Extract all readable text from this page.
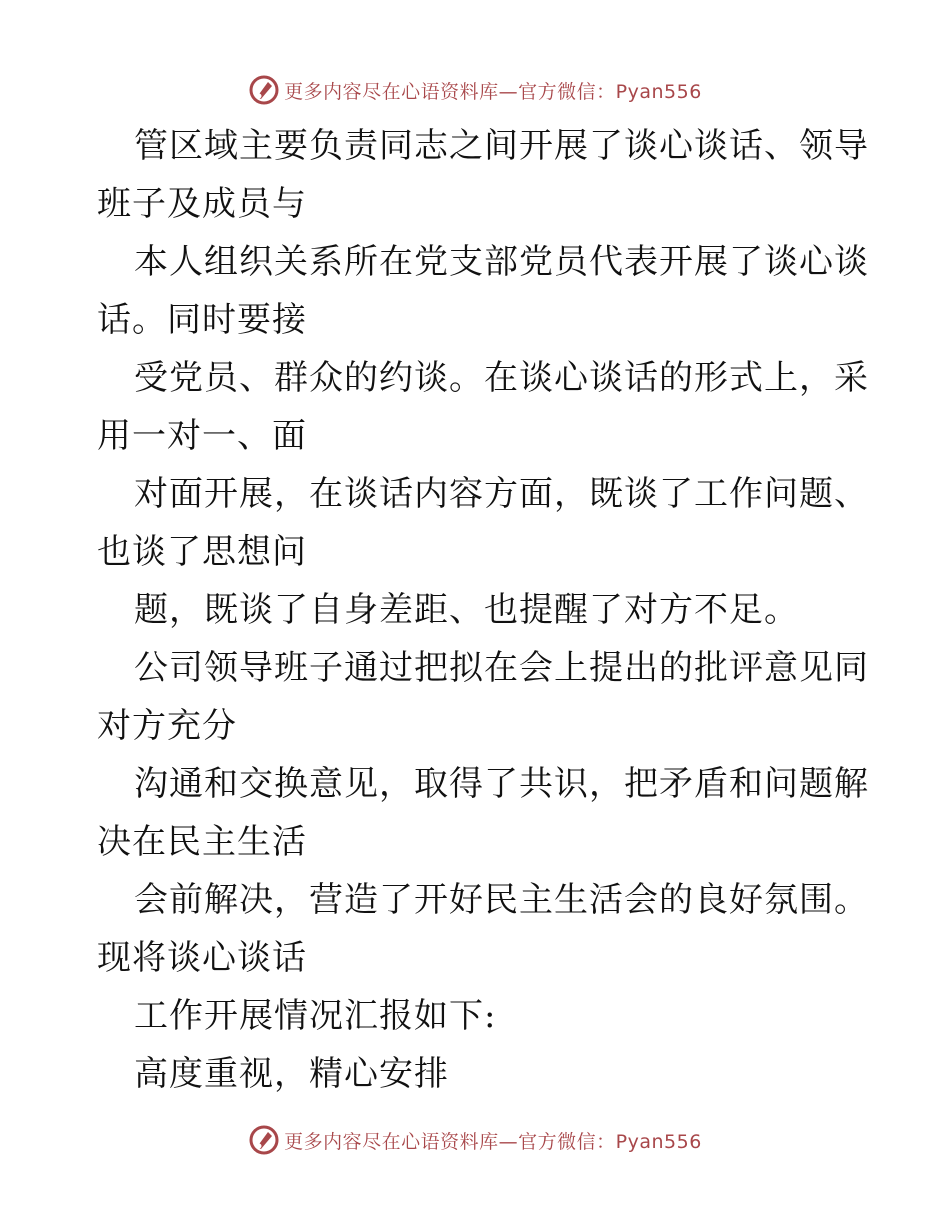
更多内容尽在心语资料库—官方微信：Pyan556
管区域主要负责同志之间开展了谈心谈话、领导
班子及成员与
本人组织关系所在党支部党员代表开展了谈心谈
话。同时要接
受党员、群众的约谈。在谈心谈话的形式上，采
用一对一、面
对面开展，在谈话内容方面，既谈了工作问题、
也谈了思想问
题，既谈了自身差距、也提醒了对方不足。
公司领导班子通过把拟在会上提出的批评意见同
对方充分
沟通和交换意见，取得了共识，把矛盾和问题解
决在民主生活
会前解决，营造了开好民主生活会的良好氛围。
现将谈心谈话
工作开展情况汇报如下:
高度重视，精心安排
更多内容尽在心语资料库—官方微信：Pyan556
